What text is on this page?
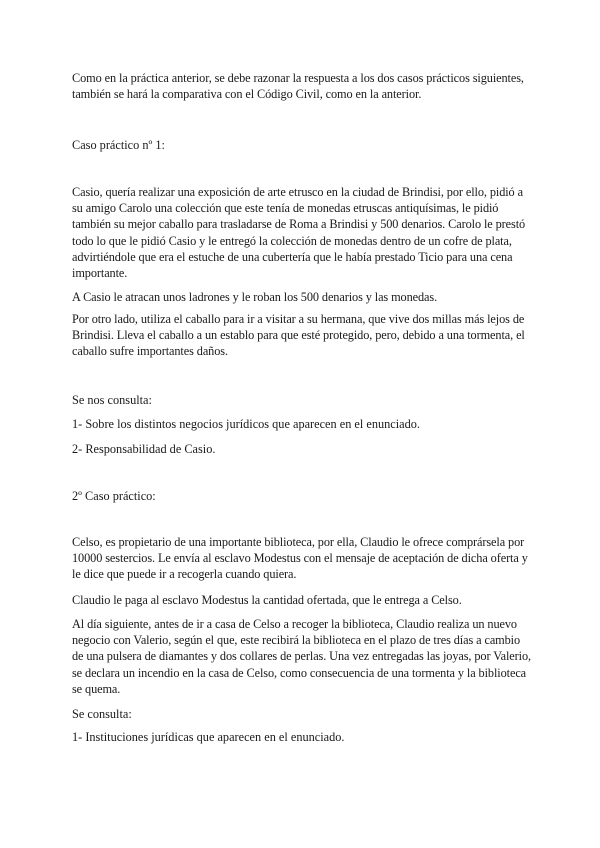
Como en la práctica anterior, se debe razonar la respuesta a los dos casos prácticos siguientes, también se hará la comparativa con el Código Civil, como en la anterior.

Caso práctico nº 1:

Casio, quería realizar una exposición de arte etrusco en la ciudad de Brindisi, por ello, pidió a su amigo Carolo una colección que este tenía de monedas etruscas antiquísimas, le pidió también su mejor caballo para trasladarse de Roma a Brindisi y 500 denarios. Carolo le prestó todo lo que le pidió Casio y le entregó la colección de monedas dentro de un cofre de plata, advirtiéndole que era el estuche de una cubertería que le había prestado Ticio para una cena importante.

A Casio le atracan unos ladrones y le roban los 500 denarios y las monedas.

Por otro lado, utiliza el caballo para ir a visitar a su hermana, que vive dos millas más lejos de Brindisi. Lleva el caballo a un establo para que esté protegido, pero, debido a una tormenta, el caballo sufre importantes daños.

Se nos consulta:

1- Sobre los distintos negocios jurídicos que aparecen en el enunciado.

2- Responsabilidad de Casio.

2º Caso práctico:

Celso, es propietario de una importante biblioteca, por ella, Claudio le ofrece comprársela por 10000 sestercios. Le envía al esclavo Modestus con el mensaje de aceptación de dicha oferta y le dice que puede ir a recogerla cuando quiera.

Claudio le paga al esclavo Modestus la cantidad ofertada, que le entrega a Celso.

Al día siguiente, antes de ir a casa de Celso a recoger la biblioteca, Claudio realiza un nuevo negocio con Valerio, según el que, este recibirá la biblioteca en el plazo de tres días a cambio de una pulsera de diamantes y dos collares de perlas. Una vez entregadas las joyas, por Valerio, se declara un incendio en la casa de Celso, como consecuencia de una tormenta y la biblioteca se quema.

Se consulta:

1- Instituciones jurídicas que aparecen en el enunciado.
